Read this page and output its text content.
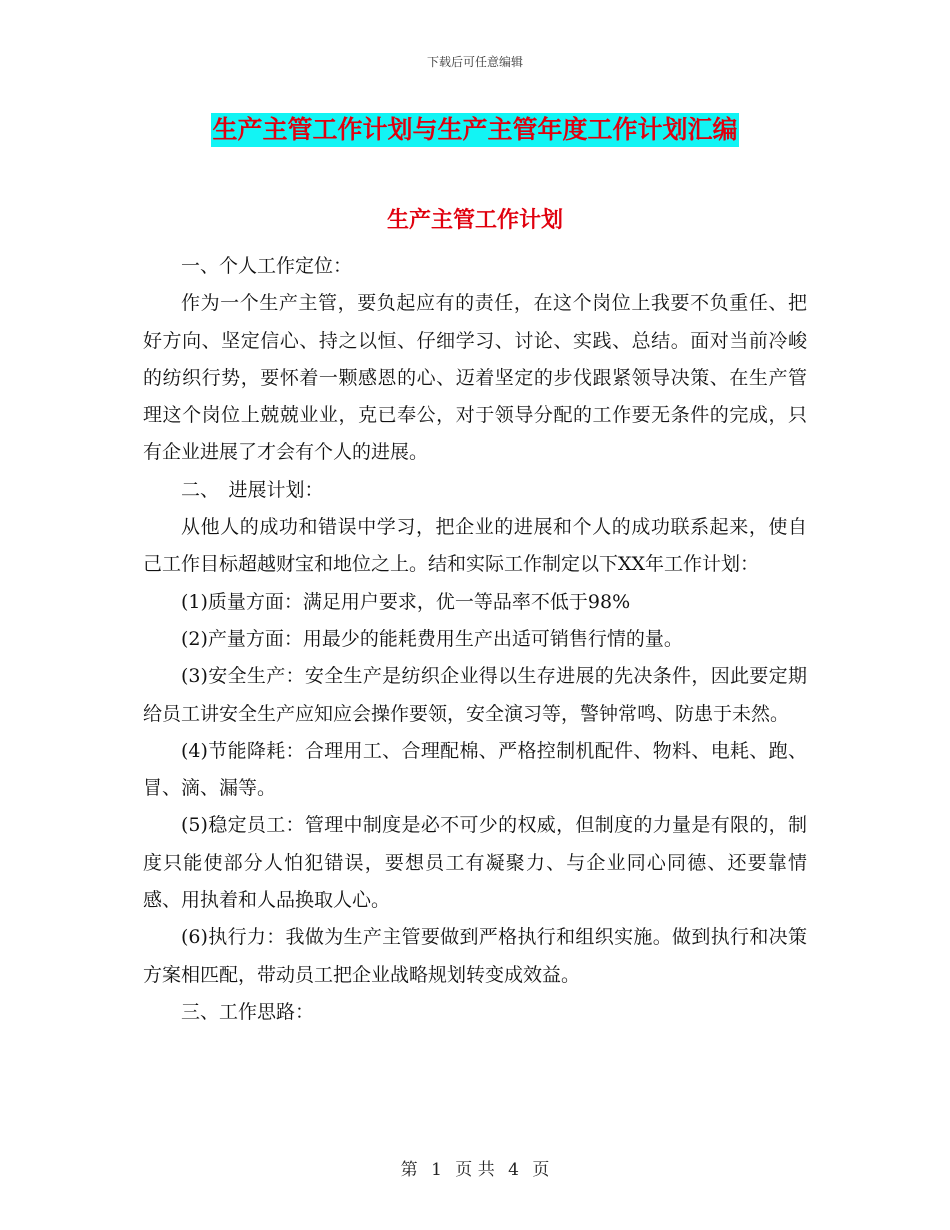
下载后可任意编辑
生产主管工作计划与生产主管年度工作计划汇编
生产主管工作计划

一、个人工作定位：

作为一个生产主管，要负起应有的责任，在这个岗位上我要不负重任、把好方向、坚定信心、持之以恒、仔细学习、讨论、实践、总结。面对当前冷峻的纺织行势，要怀着一颗感恩的心、迈着坚定的步伐跟紧领导决策、在生产管理这个岗位上兢兢业业，克已奉公，对于领导分配的工作要无条件的完成，只有企业进展了才会有个人的进展。

二、　进展计划：

从他人的成功和错误中学习，把企业的进展和个人的成功联系起来，使自己工作目标超越财宝和地位之上。结和实际工作制定以下XX年工作计划：

(1)质量方面：满足用户要求，优一等品率不低于98%

(2)产量方面：用最少的能耗费用生产出适可销售行情的量。

(3)安全生产：安全生产是纺织企业得以生存进展的先决条件，因此要定期给员工讲安全生产应知应会操作要领，安全演习等，警钟常鸣、防患于未然。

(4)节能降耗：合理用工、合理配棉、严格控制机配件、物料、电耗、跑、冒、滴、漏等。

(5)稳定员工：管理中制度是必不可少的权威，但制度的力量是有限的，制度只能使部分人怕犯错误，要想员工有凝聚力、与企业同心同德、还要靠情感、用执着和人品换取人心。

(6)执行力：我做为生产主管要做到严格执行和组织实施。做到执行和决策方案相匹配，带动员工把企业战略规划转变成效益。

三、工作思路：

第 1 页 共 4 页
